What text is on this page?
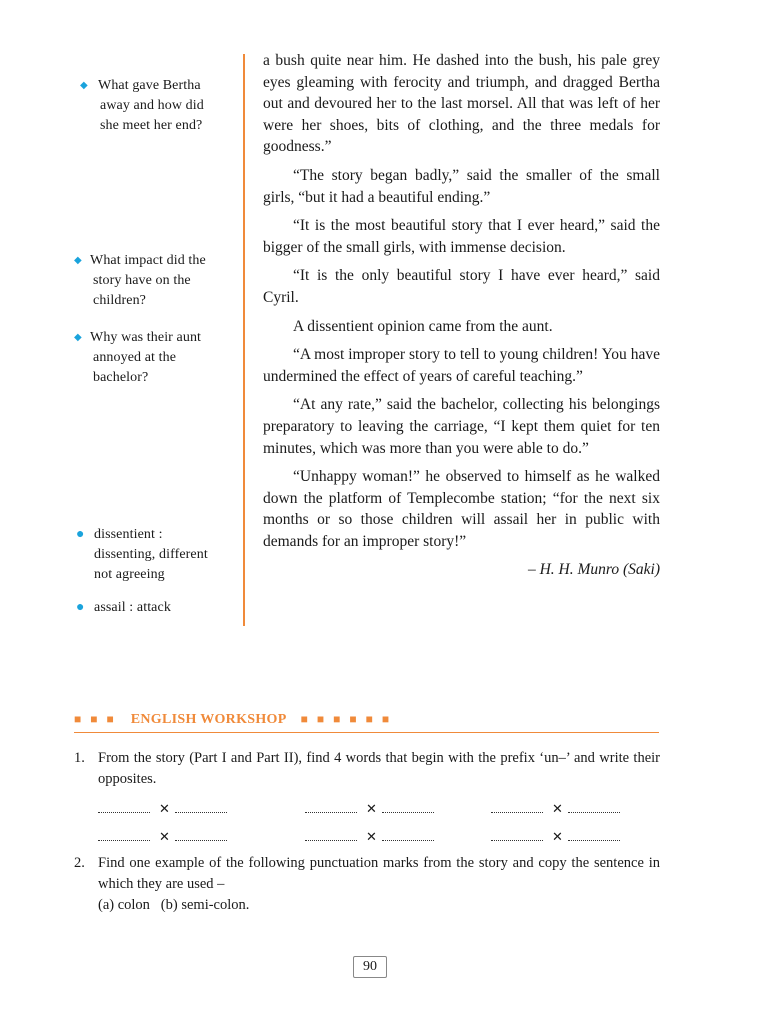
◆ What gave Bertha
away and how did
she meet her end?
◆ What impact did the
story have on the
children?
◆ Why was their aunt
annoyed at the
bachelor?
● dissentient :
dissenting, different
not agreeing
● assail : attack

a bush quite near him. He dashed into the bush, his pale grey eyes gleaming with ferocity and triumph, and dragged Bertha out and devoured her to the last morsel. All that was left of her were her shoes, bits of clothing, and the three medals for goodness.”

“The story began badly,” said the smaller of the small girls, “but it had a beautiful ending.”

“It is the most beautiful story that I ever heard,” said the bigger of the small girls, with immense decision.

“It is the only beautiful story I have ever heard,” said Cyril.

A dissentient opinion came from the aunt.

“A most improper story to tell to young children! You have undermined the effect of years of careful teaching.”

“At any rate,” said the bachelor, collecting his belongings preparatory to leaving the carriage, “I kept them quiet for ten minutes, which was more than you were able to do.”

“Unhappy woman!” he observed to himself as he walked down the platform of Templecombe station; “for the next six months or so those children will assail her in public with demands for an improper story!”

– H. H. Munro (Saki)
■ ■ ■ ENGLISH WORKSHOP ■ ■ ■ ■ ■ ■
1. From the story (Part I and Part II), find 4 words that begin with the prefix ‘un–’ and write their opposites.
✕	✕	✕
✕	✕	✕
2. Find one example of the following punctuation marks from the story and copy the sentence in which they are used –
(a) colon   (b) semi-colon.
90
